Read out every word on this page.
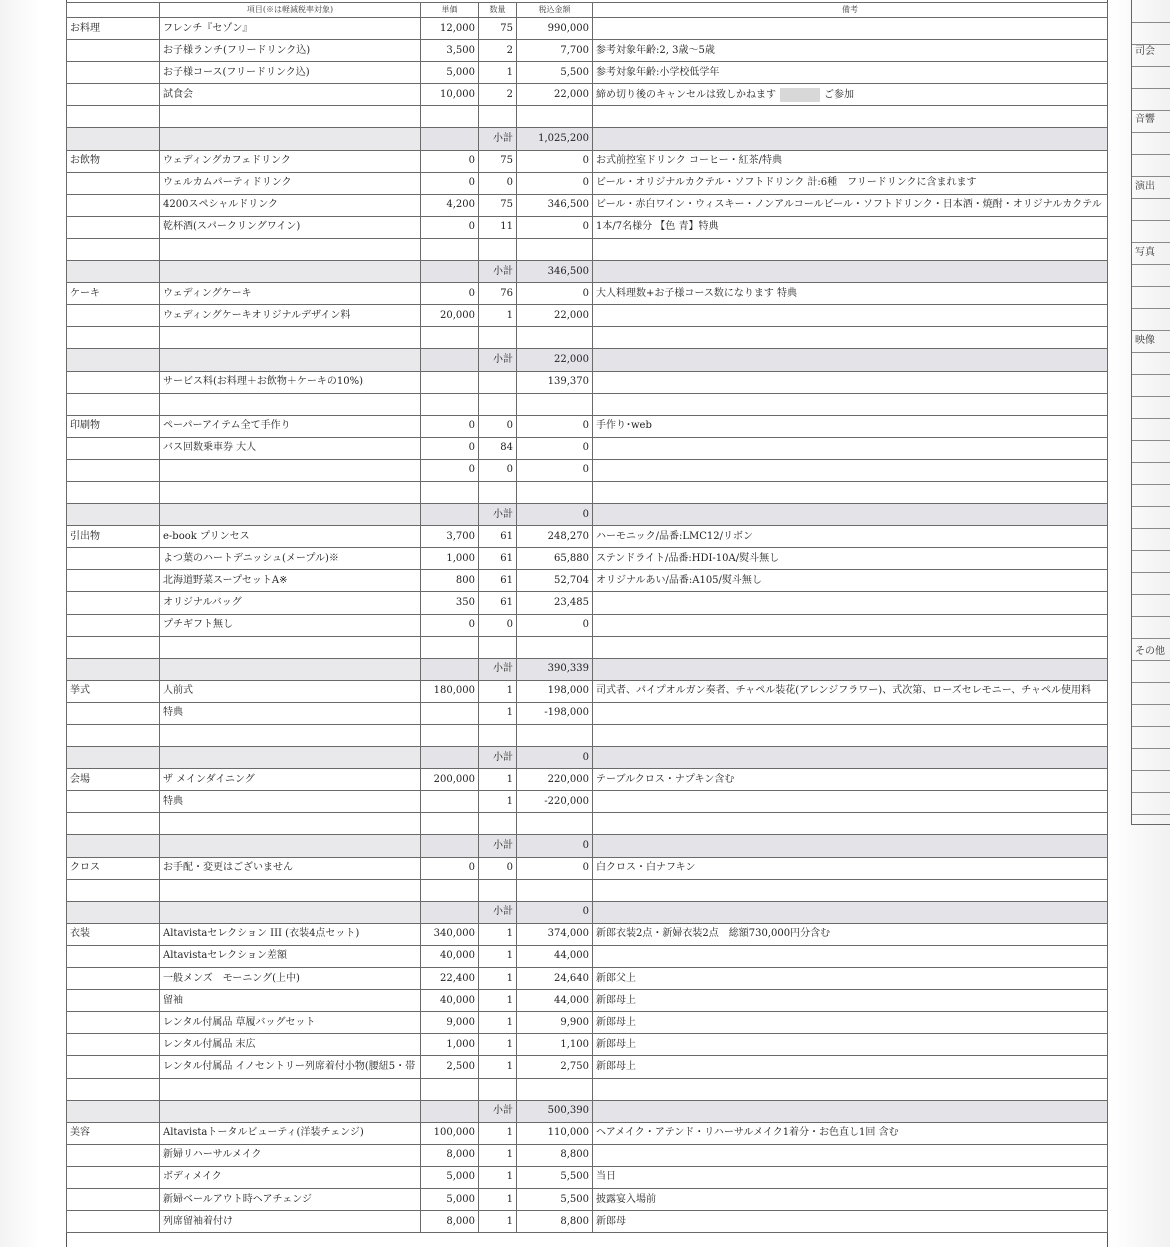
	項目(※は軽減税率対象)	単価	数量	税込金額	備考
お料理	フレンチ『セゾン』	12,000	75	990,000	
	お子様ランチ(フリードリンク込)	3,500	2	7,700	参考対象年齢:2, 3歳〜5歳
	お子様コース(フリードリンク込)	5,000	1	5,500	参考対象年齢:小学校低学年
	試食会	10,000	2	22,000	締め切り後のキャンセルは致しかねます ご参加

			小計	1,025,200	
お飲物	ウェディングカフェドリンク	0	75	0	お式前控室ドリンク コーヒー・紅茶/特典
	ウェルカムパーティドリンク	0	0	0	ビール・オリジナルカクテル・ソフトドリンク 計:6種　フリードリンクに含まれます
	4200スペシャルドリンク	4,200	75	346,500	ビール・赤白ワイン・ウィスキー・ノンアルコールビール・ソフトドリンク・日本酒・焼酎・オリジナルカクテル
	乾杯酒(スパークリングワイン)	0	11	0	1本/7名様分 【色 青】特典

			小計	346,500	
ケーキ	ウェディングケーキ	0	76	0	大人料理数+お子様コース数になります 特典
	ウェディングケーキオリジナルデザイン料	20,000	1	22,000	

			小計	22,000	
	サービス料(お料理＋お飲物＋ケーキの10%)			139,370	

印刷物	ペーパーアイテム全て手作り	0	0	0	手作り･web
	バス回数乗車券 大人	0	84	0	
		0	0	0	

			小計	0	
引出物	e-book プリンセス	3,700	61	248,270	ハーモニック/品番:LMC12/リボン
	よつ葉のハートデニッシュ(メープル)※	1,000	61	65,880	ステンドライト/品番:HDI-10A/熨斗無し
	北海道野菜スープセットA※	800	61	52,704	オリジナルあい/品番:A105/熨斗無し
	オリジナルバッグ	350	61	23,485	
	プチギフト無し	0	0	0	

			小計	390,339	
挙式	人前式	180,000	1	198,000	司式者、パイプオルガン奏者、チャペル装花(アレンジフラワー)、式次第、ローズセレモニー、チャペル使用料
	特典		1	-198,000	

			小計	0	
会場	ザ メインダイニング	200,000	1	220,000	テーブルクロス・ナプキン含む
	特典		1	-220,000	

			小計	0	
クロス	お手配・変更はございません	0	0	0	白クロス・白ナフキン

			小計	0	
衣装	Altavistaセレクション III (衣装4点セット)	340,000	1	374,000	新郎衣装2点・新婦衣装2点　総額730,000円分含む
	Altavistaセレクション差額	40,000	1	44,000	
	一般メンズ　モーニング(上中)	22,400	1	24,640	新郎父上
	留袖	40,000	1	44,000	新郎母上
	レンタル付属品 草履バッグセット	9,000	1	9,900	新郎母上
	レンタル付属品 末広	1,000	1	1,100	新郎母上
	レンタル付属品 イノセントリー列席着付小物(腰紐5・帯	2,500	1	2,750	新郎母上

			小計	500,390	
美容	Altavistaトータルビューティ(洋装チェンジ)	100,000	1	110,000	ヘアメイク・アテンド・リハーサルメイク1着分・お色直し1回 含む
	新婦リハーサルメイク	8,000	1	8,800	
	ボディメイク	5,000	1	5,500	当日
	新婦ベールアウト時ヘアチェンジ	5,000	1	5,500	披露宴入場前
	列席留袖着付け	8,000	1	8,800	新郎母
司会
音響
演出
写真
映像
その他
